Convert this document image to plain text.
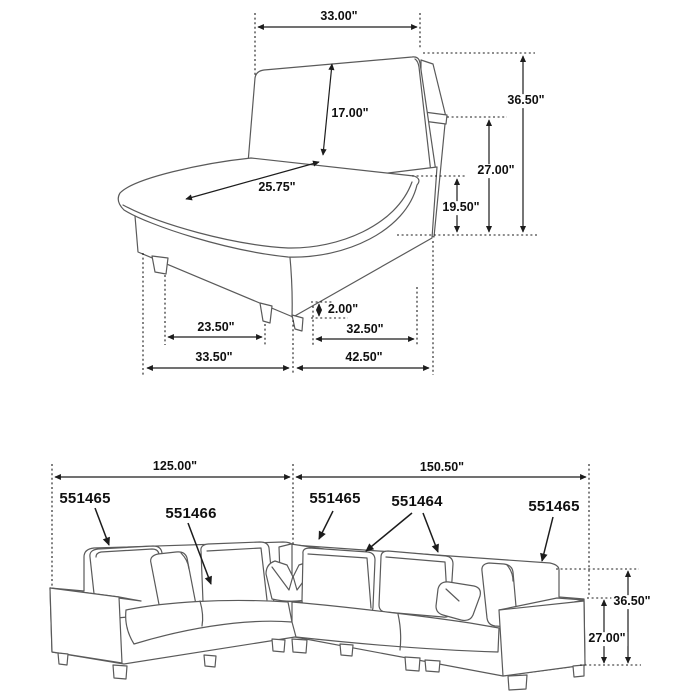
33.00"
17.00"
25.75"
36.50"
27.00"
19.50"
2.00"
23.50"	32.50"
33.50"	42.50"
125.00"	150.50"
551465
551466
551465 551464	551465
36.50"
27.00"
